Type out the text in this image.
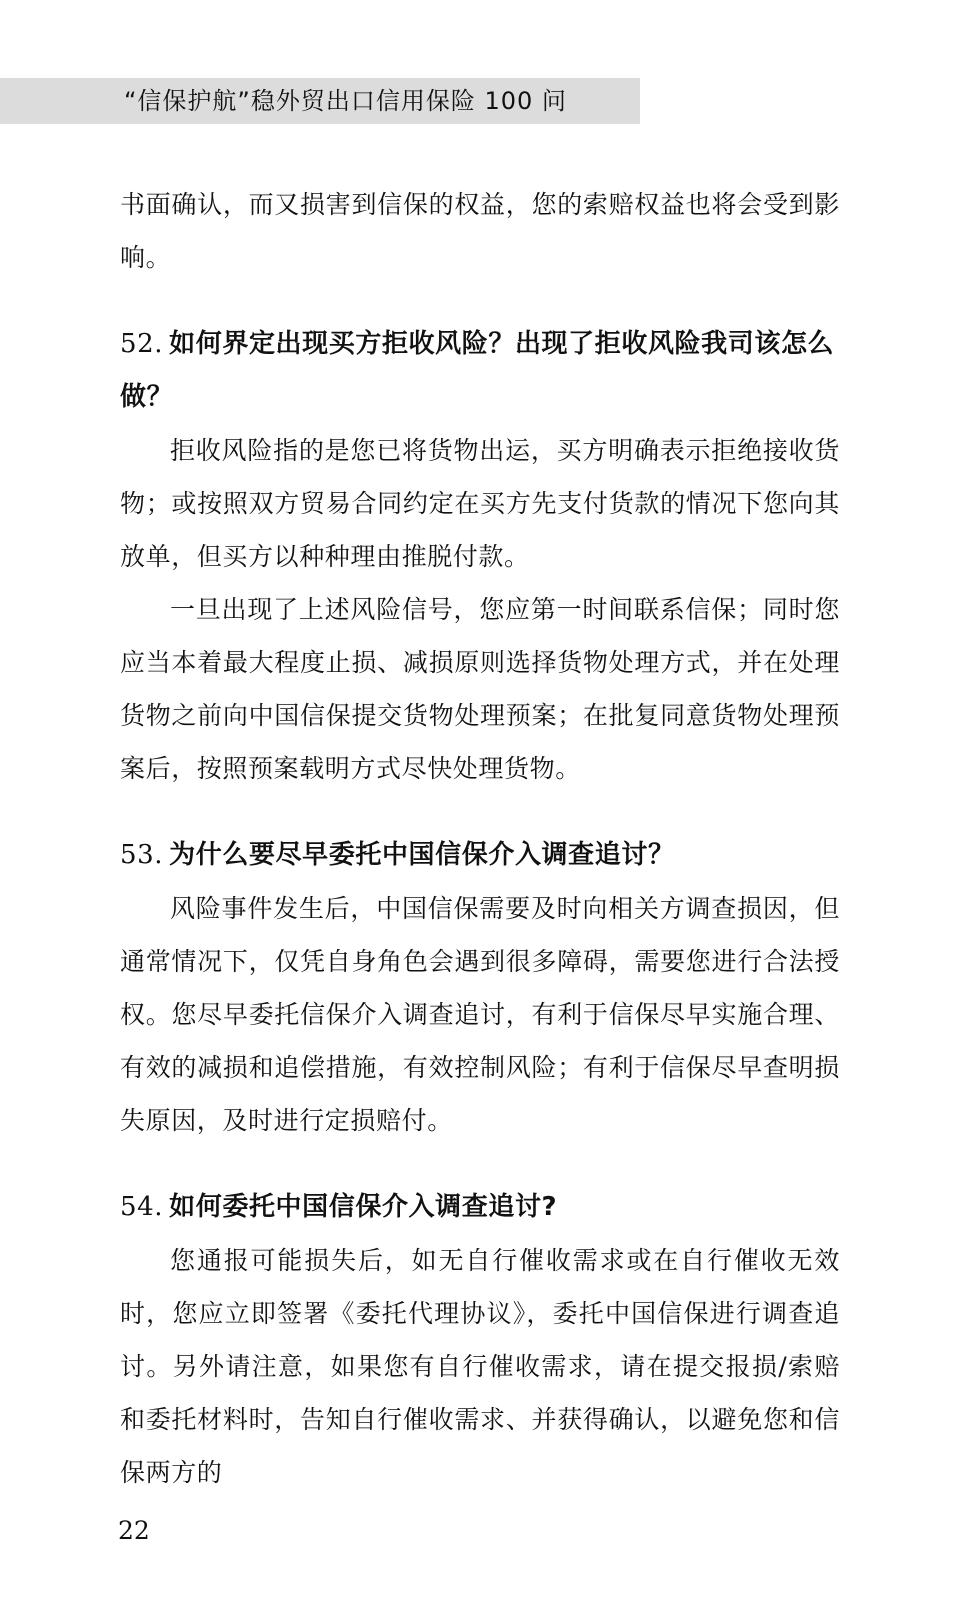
“信保护航”稳外贸出口信用保险 100 问

书面确认，而又损害到信保的权益，您的索赔权益也将会受到影响。

52. 如何界定出现买方拒收风险？出现了拒收风险我司该怎么做？

拒收风险指的是您已将货物出运，买方明确表示拒绝接收货物；或按照双方贸易合同约定在买方先支付货款的情况下您向其放单，但买方以种种理由推脱付款。

一旦出现了上述风险信号，您应第一时间联系信保；同时您应当本着最大程度止损、减损原则选择货物处理方式，并在处理货物之前向中国信保提交货物处理预案；在批复同意货物处理预案后，按照预案载明方式尽快处理货物。

53. 为什么要尽早委托中国信保介入调查追讨？

风险事件发生后，中国信保需要及时向相关方调查损因，但通常情况下，仅凭自身角色会遇到很多障碍，需要您进行合法授权。您尽早委托信保介入调查追讨，有利于信保尽早实施合理、有效的减损和追偿措施，有效控制风险；有利于信保尽早查明损失原因，及时进行定损赔付。

54. 如何委托中国信保介入调查追讨?

您通报可能损失后，如无自行催收需求或在自行催收无效时，您应立即签署《委托代理协议》，委托中国信保进行调查追讨。另外请注意，如果您有自行催收需求，请在提交报损/索赔和委托材料时，告知自行催收需求、并获得确认，以避免您和信保两方的

22
